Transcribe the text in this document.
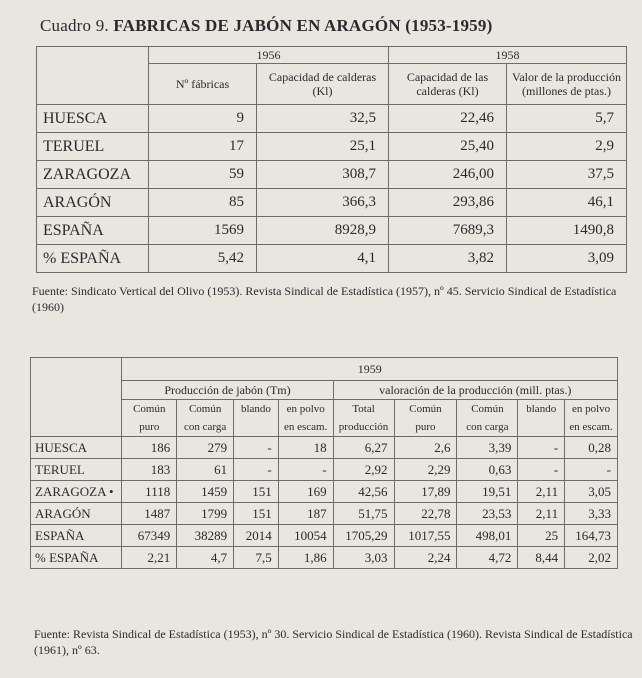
Cuadro 9. FABRICAS DE JABÓN EN ARAGÓN (1953-1959)
	1956		1958	
	Nº fábricas	Capacidad de calderas (Kl)	Capacidad de las calderas (Kl)	Valor de la producción (millones de ptas.)
HUESCA	9	32,5	22,46	5,7
TERUEL	17	25,1	25,40	2,9
ZARAGOZA	59	308,7	246,00	37,5
ARAGÓN	85	366,3	293,86	46,1
ESPAÑA	1569	8928,9	7689,3	1490,8
% ESPAÑA	5,42	4,1	3,82	3,09
Fuente: Sindicato Vertical del Olivo (1953). Revista Sindical de Estadística (1957), nº 45. Servicio Sindical de Estadística (1960)
	1959								
	Producción de jabón (Tm)				valoración de la producción (mill. ptas.)				
	Común	Común	blando	en polvo	Total	Común	Común	blando	en polvo
	puro	con carga		en escam.	producción	puro	con carga		en escam.
HUESCA	186	279	-	18	6,27	2,6	3,39	-	0,28
TERUEL	183	61	-	-	2,92	2,29	0,63	-	-
ZARAGOZA •	1118	1459	151	169	42,56	17,89	19,51	2,11	3,05
ARAGÓN	1487	1799	151	187	51,75	22,78	23,53	2,11	3,33
ESPAÑA	67349	38289	2014	10054	1705,29	1017,55	498,01	25	164,73
% ESPAÑA	2,21	4,7	7,5	1,86	3,03	2,24	4,72	8,44	2,02
Fuente: Revista Sindical de Estadística (1953), nº 30. Servicio Sindical de Estadística (1960). Revista Sindical de Estadística (1961), nº 63.
